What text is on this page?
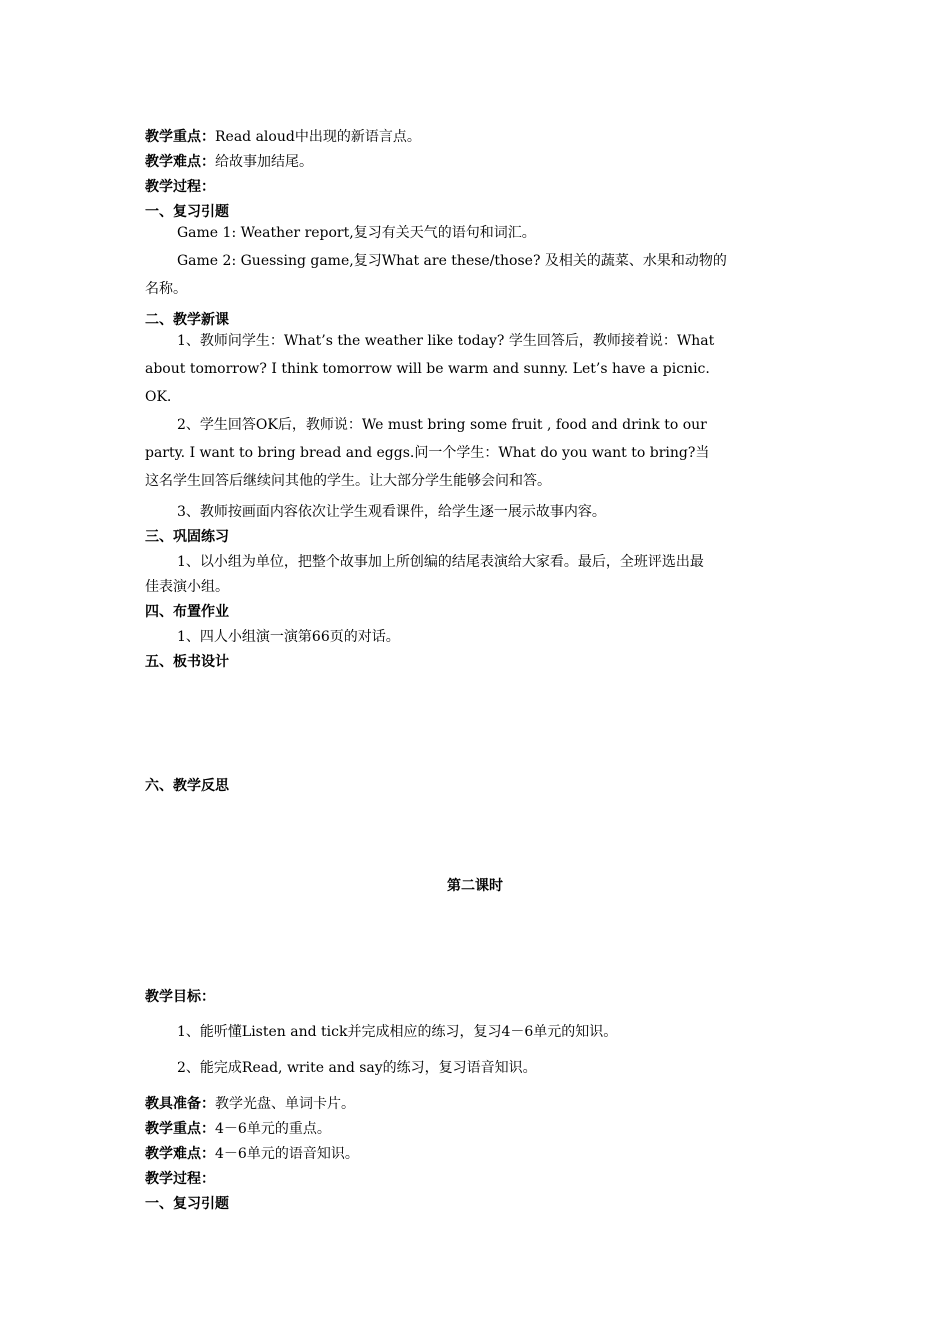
教学重点：Read aloud中出现的新语言点。
教学难点：给故事加结尾。
教学过程：
一、复习引题
Game 1: Weather report,复习有关天气的语句和词汇。
Game 2: Guessing game,复习What are these/those? 及相关的蔬菜、水果和动物的
名称。
二、教学新课
1、教师问学生：What’s the weather like today? 学生回答后，教师接着说：What
about tomorrow? I think tomorrow will be warm and sunny. Let’s have a picnic.
OK.
2、学生回答OK后，教师说：We must bring some fruit , food and drink to our
party. I want to bring bread and eggs.问一个学生：What do you want to bring?当
这名学生回答后继续问其他的学生。让大部分学生能够会问和答。
3、教师按画面内容依次让学生观看课件，给学生逐一展示故事内容。
三、巩固练习
1、以小组为单位，把整个故事加上所创编的结尾表演给大家看。最后，全班评选出最
佳表演小组。
四、布置作业
1、四人小组演一演第66页的对话。
五、板书设计
六、教学反思
第二课时
教学目标：
1、能听懂Listen and tick并完成相应的练习，复习4－6单元的知识。
2、能完成Read, write and say的练习，复习语音知识。
教具准备：教学光盘、单词卡片。
教学重点：4－6单元的重点。
教学难点：4－6单元的语音知识。
教学过程：
一、复习引题
